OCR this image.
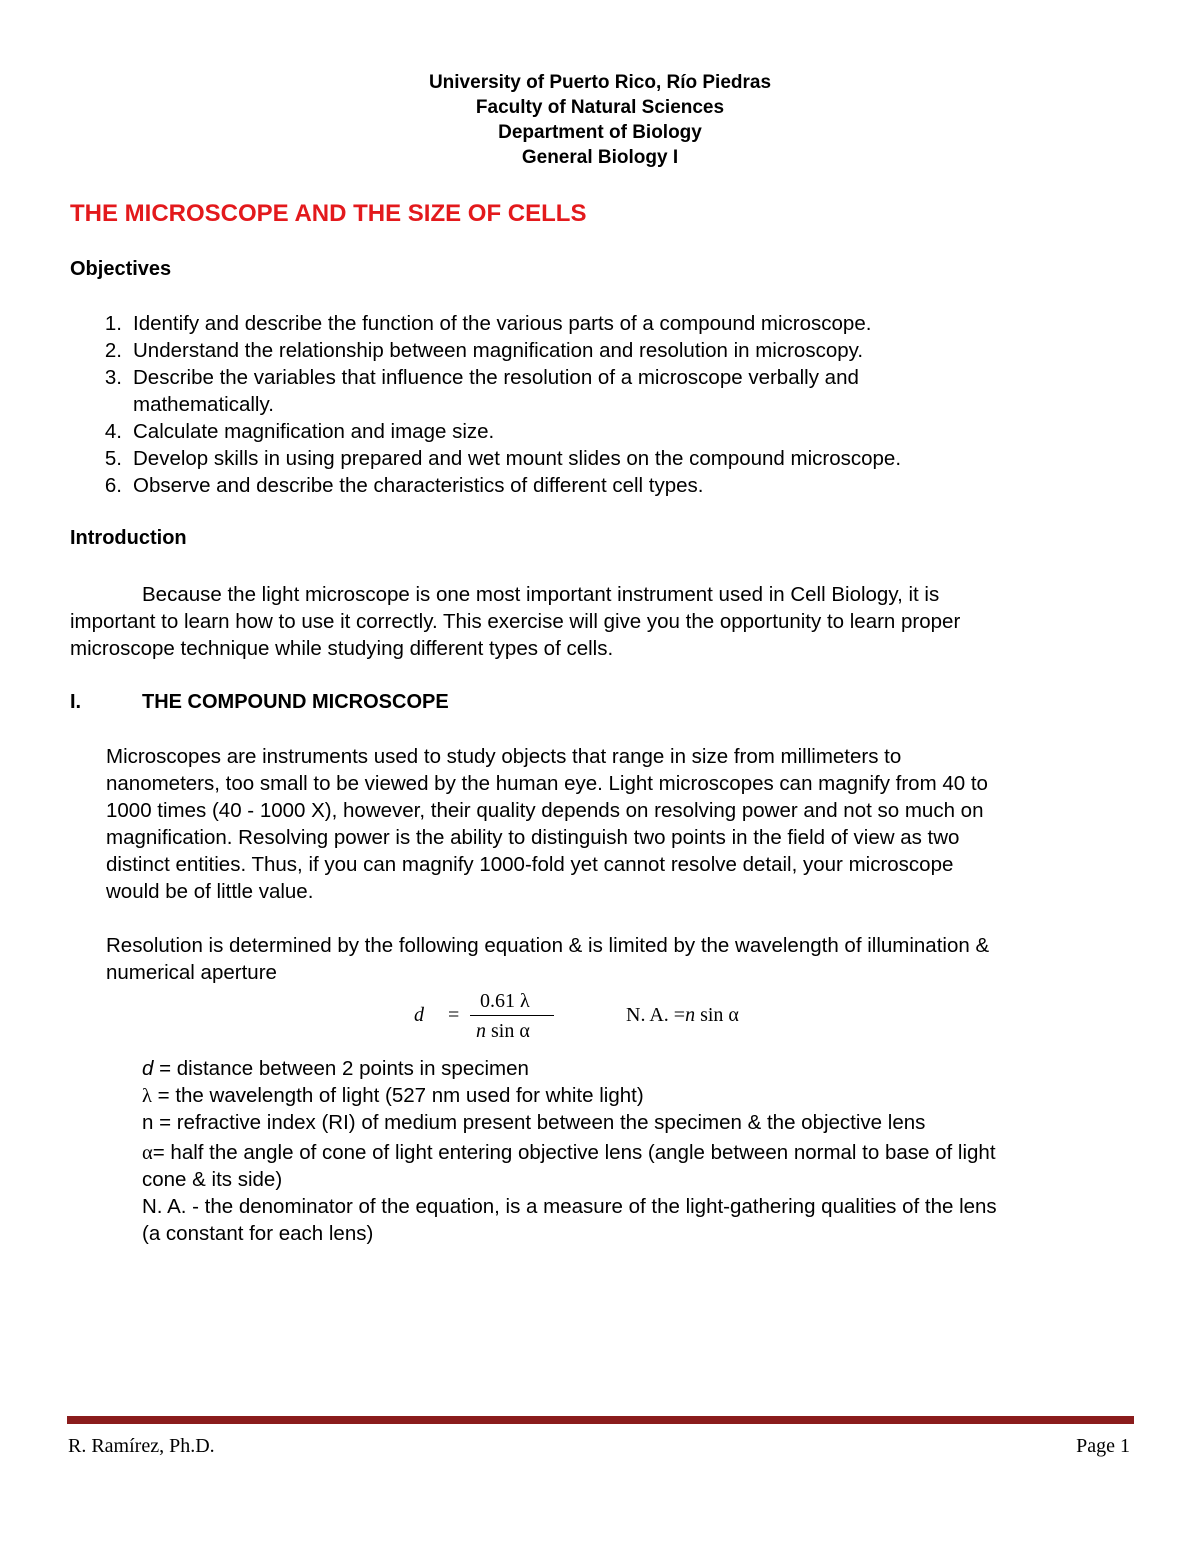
University of Puerto Rico, Río Piedras
Faculty of Natural Sciences
Department of Biology
General Biology I
THE MICROSCOPE AND THE SIZE OF CELLS
Objectives
1. Identify and describe the function of the various parts of a compound microscope.
2. Understand the relationship between magnification and resolution in microscopy.
3. Describe the variables that influence the resolution of a microscope verbally and
mathematically.
4. Calculate magnification and image size.
5. Develop skills in using prepared and wet mount slides on the compound microscope.
6. Observe and describe the characteristics of different cell types.
Introduction
Because the light microscope is one most important instrument used in Cell Biology, it is
important to learn how to use it correctly. This exercise will give you the opportunity to learn proper
microscope technique while studying different types of cells.
I.	THE COMPOUND MICROSCOPE
Microscopes are instruments used to study objects that range in size from millimeters to
nanometers, too small to be viewed by the human eye. Light microscopes can magnify from 40 to
1000 times (40 - 1000 X), however, their quality depends on resolving power and not so much on
magnification. Resolving power is the ability to distinguish two points in the field of view as two
distinct entities. Thus, if you can magnify 1000-fold yet cannot resolve detail, your microscope
would be of little value.
Resolution is determined by the following equation & is limited by the wavelength of illumination &
numerical aperture
d =
0.61 λ
n sin α
N. A. =n sin α
d = distance between 2 points in specimen
λ = the wavelength of light (527 nm used for white light)
n = refractive index (RI) of medium present between the specimen & the objective lens
α= half the angle of cone of light entering objective lens (angle between normal to base of light
cone & its side)
N. A. - the denominator of the equation, is a measure of the light-gathering qualities of the lens
(a constant for each lens)
R. Ramírez, Ph.D.	Page 1
